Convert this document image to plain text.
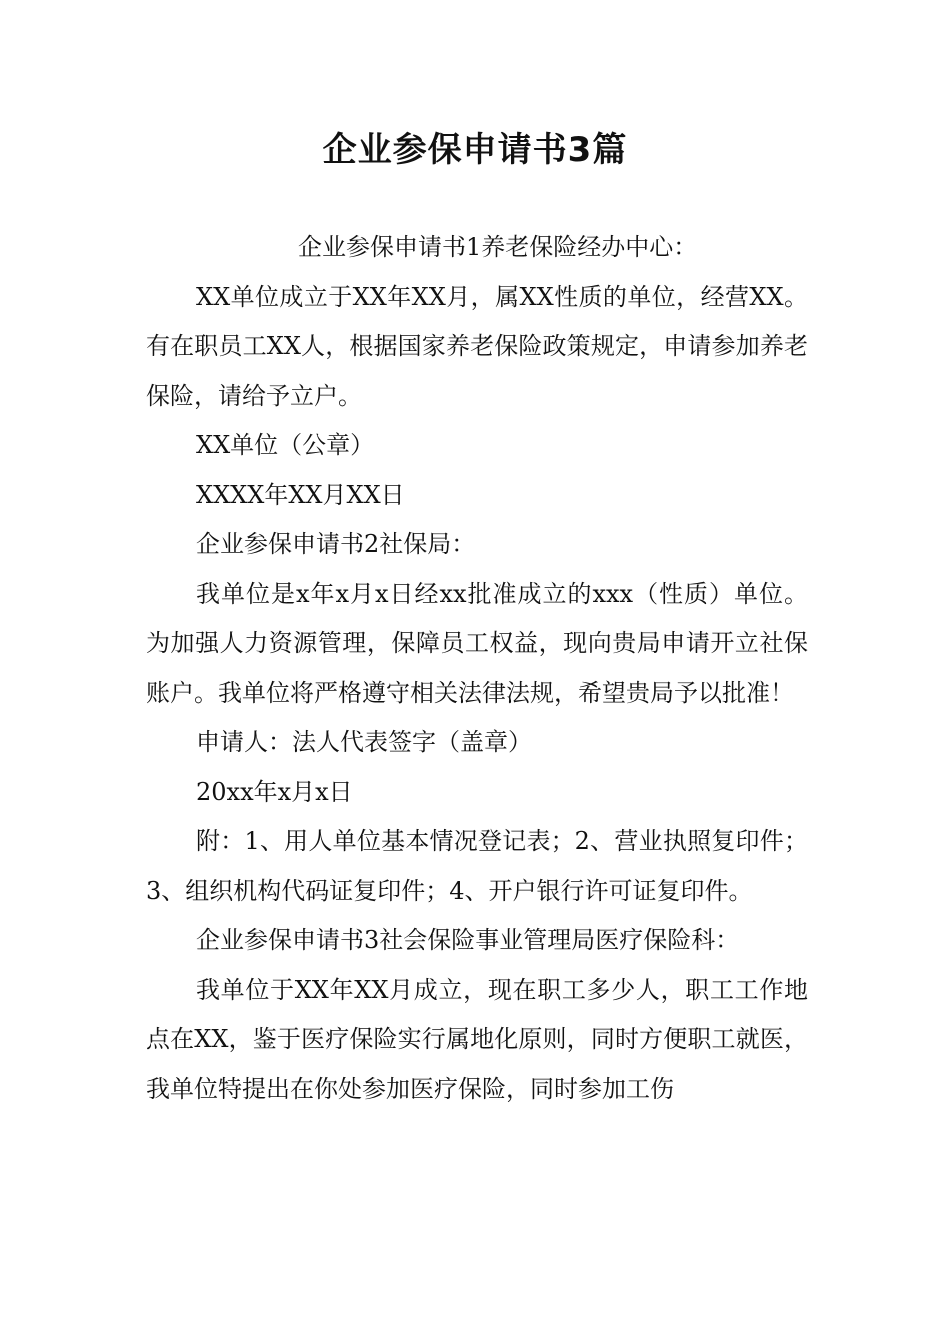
企业参保申请书3篇

企业参保申请书1养老保险经办中心：

XX单位成立于XX年XX月，属XX性质的单位，经营XX。有在职员工XX人，根据国家养老保险政策规定，申请参加养老保险，请给予立户。

XX单位（公章）

XXXX年XX月XX日

企业参保申请书2社保局：

我单位是x年x月x日经xx批准成立的xxx（性质）单位。为加强人力资源管理，保障员工权益，现向贵局申请开立社保账户。我单位将严格遵守相关法律法规，希望贵局予以批准！

申请人：法人代表签字（盖章）

20xx年x月x日

附：1、用人单位基本情况登记表；2、营业执照复印件；3、组织机构代码证复印件；4、开户银行许可证复印件。

企业参保申请书3社会保险事业管理局医疗保险科：

我单位于XX年XX月成立，现在职工多少人，职工工作地点在XX，鉴于医疗保险实行属地化原则，同时方便职工就医，我单位特提出在你处参加医疗保险，同时参加工伤
